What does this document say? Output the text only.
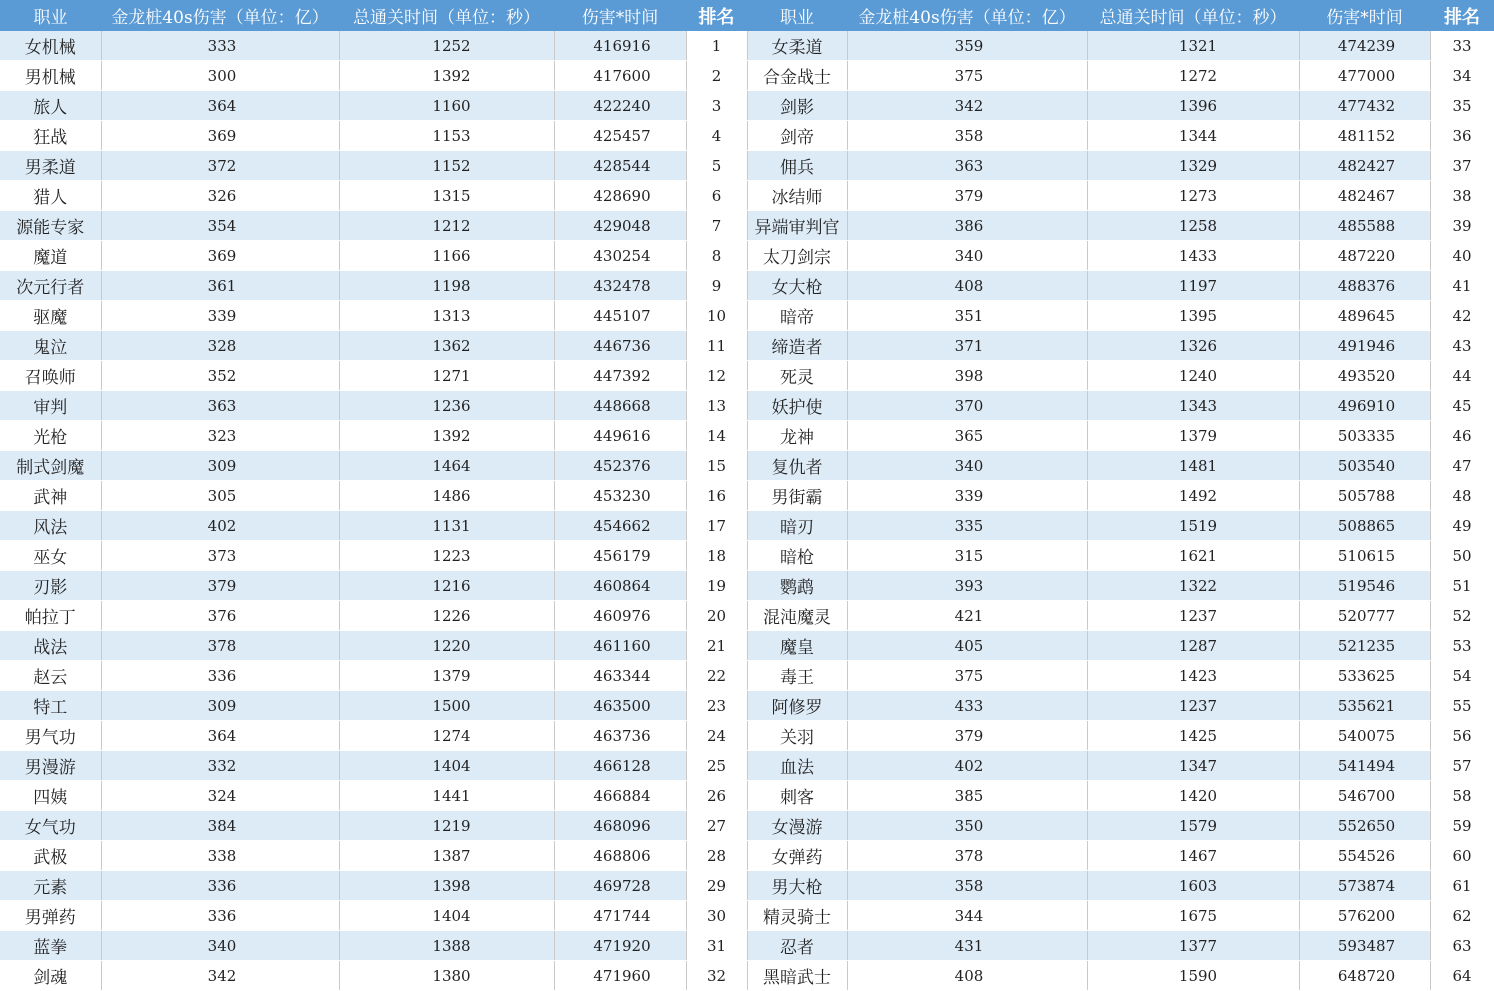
职业	金龙桩40s伤害（单位：亿）	总通关时间（单位：秒）	伤害*时间	排名	职业	金龙桩40s伤害（单位：亿）	总通关时间（单位：秒）	伤害*时间	排名
女机械	333	1252	416916	1	女柔道	359	1321	474239	33
男机械	300	1392	417600	2	合金战士	375	1272	477000	34
旅人	364	1160	422240	3	剑影	342	1396	477432	35
狂战	369	1153	425457	4	剑帝	358	1344	481152	36
男柔道	372	1152	428544	5	佣兵	363	1329	482427	37
猎人	326	1315	428690	6	冰结师	379	1273	482467	38
源能专家	354	1212	429048	7	异端审判官	386	1258	485588	39
魔道	369	1166	430254	8	太刀剑宗	340	1433	487220	40
次元行者	361	1198	432478	9	女大枪	408	1197	488376	41
驱魔	339	1313	445107	10	暗帝	351	1395	489645	42
鬼泣	328	1362	446736	11	缔造者	371	1326	491946	43
召唤师	352	1271	447392	12	死灵	398	1240	493520	44
审判	363	1236	448668	13	妖护使	370	1343	496910	45
光枪	323	1392	449616	14	龙神	365	1379	503335	46
制式剑魔	309	1464	452376	15	复仇者	340	1481	503540	47
武神	305	1486	453230	16	男街霸	339	1492	505788	48
风法	402	1131	454662	17	暗刃	335	1519	508865	49
巫女	373	1223	456179	18	暗枪	315	1621	510615	50
刃影	379	1216	460864	19	鹦鹉	393	1322	519546	51
帕拉丁	376	1226	460976	20	混沌魔灵	421	1237	520777	52
战法	378	1220	461160	21	魔皇	405	1287	521235	53
赵云	336	1379	463344	22	毒王	375	1423	533625	54
特工	309	1500	463500	23	阿修罗	433	1237	535621	55
男气功	364	1274	463736	24	关羽	379	1425	540075	56
男漫游	332	1404	466128	25	血法	402	1347	541494	57
四姨	324	1441	466884	26	刺客	385	1420	546700	58
女气功	384	1219	468096	27	女漫游	350	1579	552650	59
武极	338	1387	468806	28	女弹药	378	1467	554526	60
元素	336	1398	469728	29	男大枪	358	1603	573874	61
男弹药	336	1404	471744	30	精灵骑士	344	1675	576200	62
蓝拳	340	1388	471920	31	忍者	431	1377	593487	63
剑魂	342	1380	471960	32	黑暗武士	408	1590	648720	64
